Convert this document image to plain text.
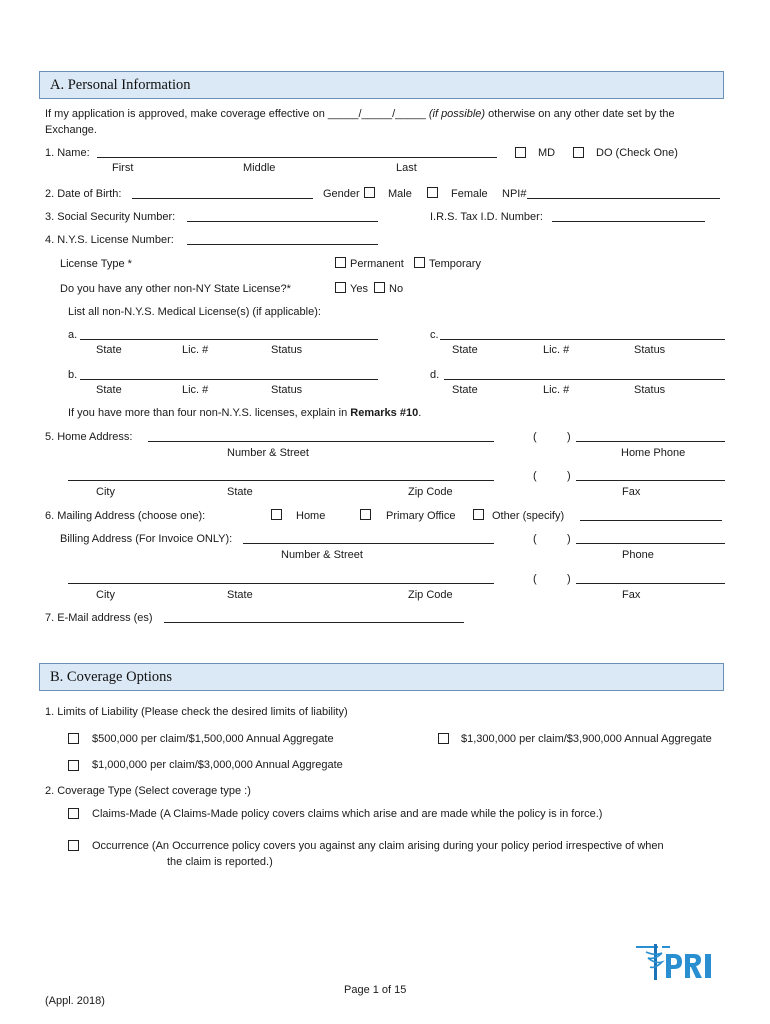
A. Personal Information
If my application is approved, make coverage effective on _____/_____/_____ (if possible) otherwise on any other date set by the
Exchange.
1. Name:	MD	DO (Check One)
First	Middle	Last
2. Date of Birth:	Gender	Male	Female NPI#
3. Social Security Number:	I.R.S. Tax I.D. Number:
4. N.Y.S. License Number:
License Type *	Permanent Temporary
Do you have any other non-NY State License?*	Yes No
List all non-N.Y.S. Medical License(s) (if applicable):
a.	c.
State	Lic. #	Status	State	Lic. #	Status
b.	d.
State	Lic. #	Status	State	Lic. #	Status
If you have more than four non-N.Y.S. licenses, explain in Remarks #10.
5. Home Address:	(	)
Number & Street	Home Phone
(	)
City	State	Zip Code	Fax
6. Mailing Address (choose one):	Home	Primary Office	Other (specify)
Billing Address (For Invoice ONLY):	(	)
Number & Street	Phone
(	)
City	State	Zip Code	Fax
7. E-Mail address (es)
B. Coverage Options
1. Limits of Liability (Please check the desired limits of liability)
$500,000 per claim/$1,500,000 Annual Aggregate	$1,300,000 per claim/$3,900,000 Annual Aggregate
$1,000,000 per claim/$3,000,000 Annual Aggregate
2. Coverage Type (Select coverage type :)
Claims-Made (A Claims-Made policy covers claims which arise and are made while the policy is in force.)
Occurrence (An Occurrence policy covers you against any claim arising during your policy period irrespective of when
the claim is reported.)
Page 1 of 15
(Appl. 2018)
